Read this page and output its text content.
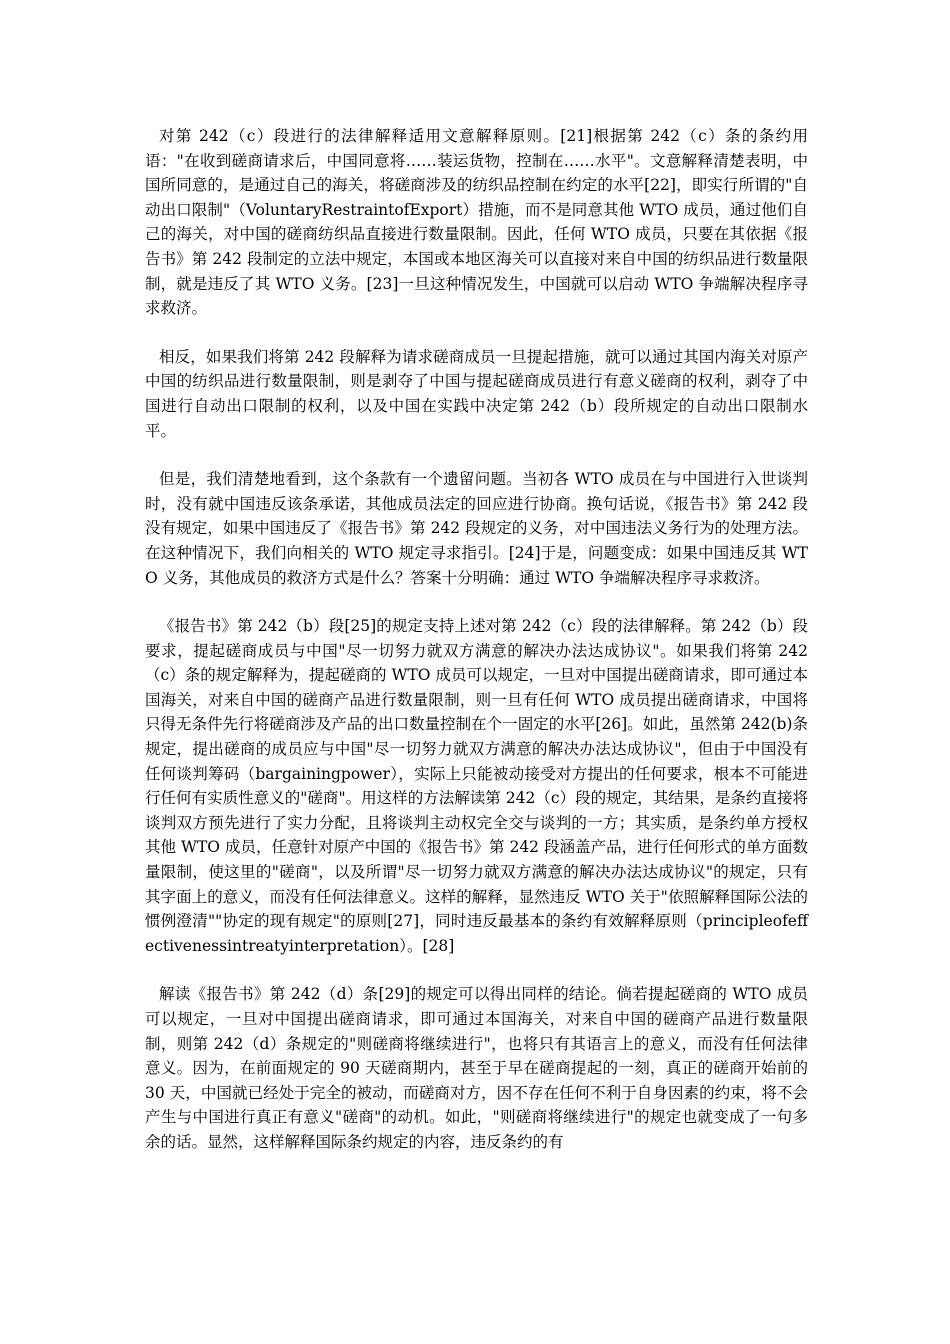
对第 242（c）段进行的法律解释适用文意解释原则。[21]根据第 242（c）条的条约用语："在收到磋商请求后，中国同意将……装运货物，控制在……水平"。文意解释清楚表明，中国所同意的，是通过自己的海关，将磋商涉及的纺织品控制在约定的水平[22]，即实行所谓的"自动出口限制"（VoluntaryRestraintofExport）措施，而不是同意其他 WTO 成员，通过他们自己的海关，对中国的磋商纺织品直接进行数量限制。因此，任何 WTO 成员，只要在其依据《报告书》第 242 段制定的立法中规定，本国或本地区海关可以直接对来自中国的纺织品进行数量限制，就是违反了其 WTO 义务。[23]一旦这种情况发生，中国就可以启动 WTO 争端解决程序寻求救济。

相反，如果我们将第 242 段解释为请求磋商成员一旦提起措施，就可以通过其国内海关对原产中国的纺织品进行数量限制，则是剥夺了中国与提起磋商成员进行有意义磋商的权利，剥夺了中国进行自动出口限制的权利，以及中国在实践中决定第 242（b）段所规定的自动出口限制水平。

但是，我们清楚地看到，这个条款有一个遗留问题。当初各 WTO 成员在与中国进行入世谈判时，没有就中国违反该条承诺，其他成员法定的回应进行协商。换句话说，《报告书》第 242 段没有规定，如果中国违反了《报告书》第 242 段规定的义务，对中国违法义务行为的处理方法。在这种情况下，我们向相关的 WTO 规定寻求指引。[24]于是，问题变成：如果中国违反其 WTO 义务，其他成员的救济方式是什么？答案十分明确：通过 WTO 争端解决程序寻求救济。

《报告书》第 242（b）段[25]的规定支持上述对第 242（c）段的法律解释。第 242（b）段要求，提起磋商成员与中国"尽一切努力就双方满意的解决办法达成协议"。如果我们将第 242（c）条的规定解释为，提起磋商的 WTO 成员可以规定，一旦对中国提出磋商请求，即可通过本国海关，对来自中国的磋商产品进行数量限制，则一旦有任何 WTO 成员提出磋商请求，中国将只得无条件先行将磋商涉及产品的出口数量控制在个一固定的水平[26]。如此，虽然第 242(b)条规定，提出磋商的成员应与中国"尽一切努力就双方满意的解决办法达成协议"，但由于中国没有任何谈判筹码（bargainingpower），实际上只能被动接受对方提出的任何要求，根本不可能进行任何有实质性意义的"磋商"。用这样的方法解读第 242（c）段的规定，其结果，是条约直接将谈判双方预先进行了实力分配，且将谈判主动权完全交与谈判的一方；其实质，是条约单方授权其他 WTO 成员，任意针对原产中国的《报告书》第 242 段涵盖产品，进行任何形式的单方面数量限制，使这里的"磋商"，以及所谓"尽一切努力就双方满意的解决办法达成协议"的规定，只有其字面上的意义，而没有任何法律意义。这样的解释，显然违反 WTO 关于"依照解释国际公法的惯例澄清""协定的现有规定"的原则[27]，同时违反最基本的条约有效解释原则（principleofeffectivenessintreatyinterpretation）。[28]

解读《报告书》第 242（d）条[29]的规定可以得出同样的结论。倘若提起磋商的 WTO 成员可以规定，一旦对中国提出磋商请求，即可通过本国海关，对来自中国的磋商产品进行数量限制，则第 242（d）条规定的"则磋商将继续进行"，也将只有其语言上的意义，而没有任何法律意义。因为，在前面规定的 90 天磋商期内，甚至于早在磋商提起的一刻，真正的磋商开始前的 30 天，中国就已经处于完全的被动，而磋商对方，因不存在任何不利于自身因素的约束，将不会产生与中国进行真正有意义"磋商"的动机。如此，"则磋商将继续进行"的规定也就变成了一句多余的话。显然，这样解释国际条约规定的内容，违反条约的有
